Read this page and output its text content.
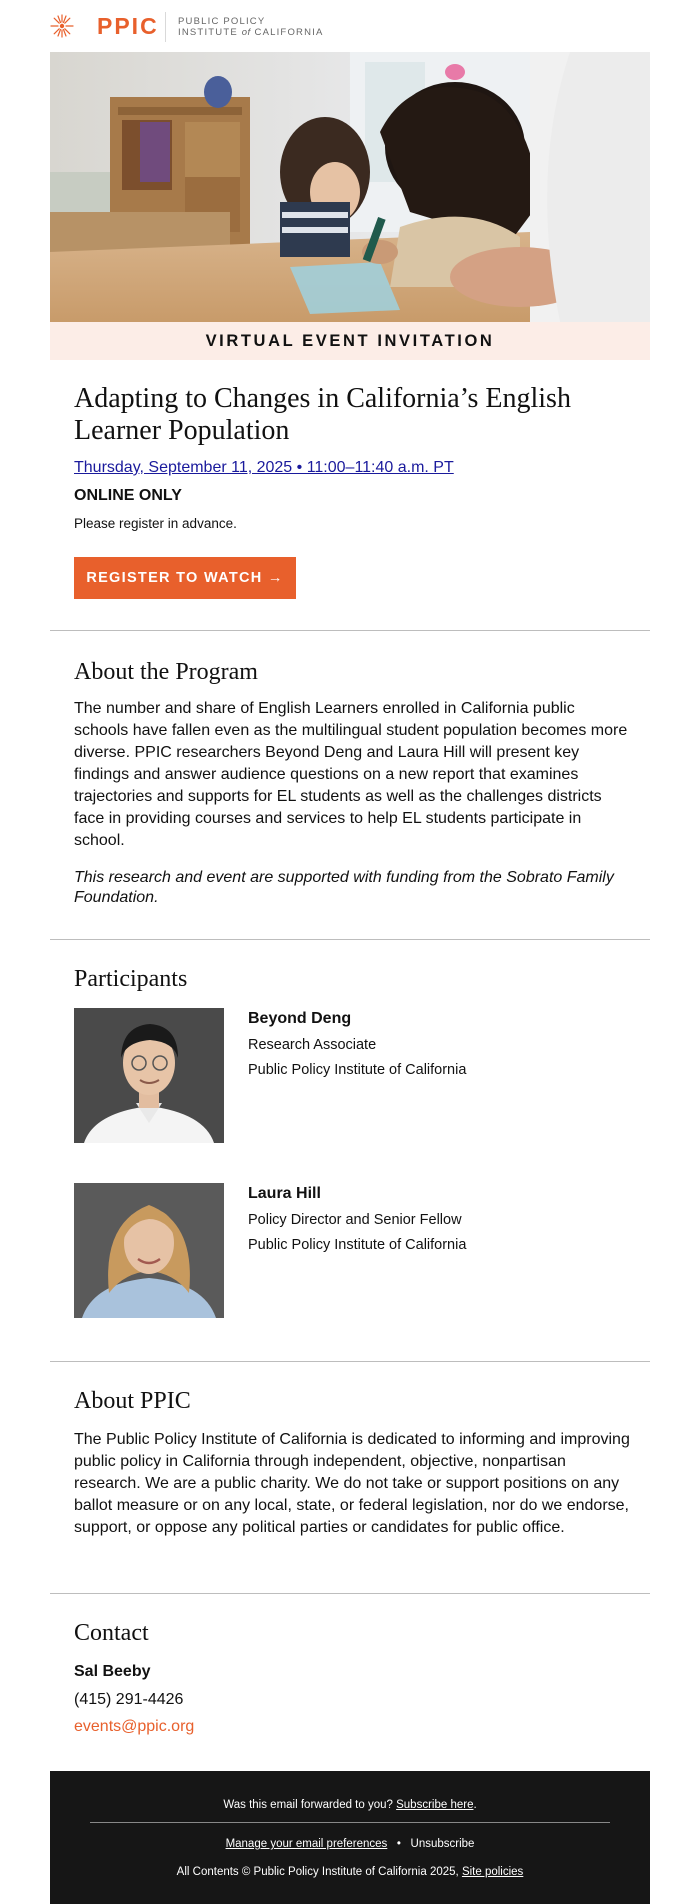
PPIC PUBLIC POLICY
INSTITUTE of CALIFORNIA
VIRTUAL EVENT INVITATION
Adapting to Changes in California’s English Learner Population
Thursday, September 11, 2025 • 11:00–11:40 a.m. PT
ONLINE ONLY
Please register in advance.
REGISTER TO WATCH →
About the Program
The number and share of English Learners enrolled in California public schools have fallen even as the multilingual student population becomes more diverse. PPIC researchers Beyond Deng and Laura Hill will present key findings and answer audience questions on a new report that examines trajectories and supports for EL students as well as the challenges districts face in providing courses and services to help EL students participate in school.
This research and event are supported with funding from the Sobrato Family Foundation.
Participants
Beyond Deng
Research Associate
Public Policy Institute of California
Laura Hill
Policy Director and Senior Fellow
Public Policy Institute of California
About PPIC
The Public Policy Institute of California is dedicated to informing and improving public policy in California through independent, objective, nonpartisan research. We are a public charity. We do not take or support positions on any ballot measure or on any local, state, or federal legislation, nor do we endorse, support, or oppose any political parties or candidates for public office.
Contact
Sal Beeby
(415) 291-4426
events@ppic.org
Was this email forwarded to you? Subscribe here.
Manage your email preferences • Unsubscribe
All Contents © Public Policy Institute of California 2025, Site policies
